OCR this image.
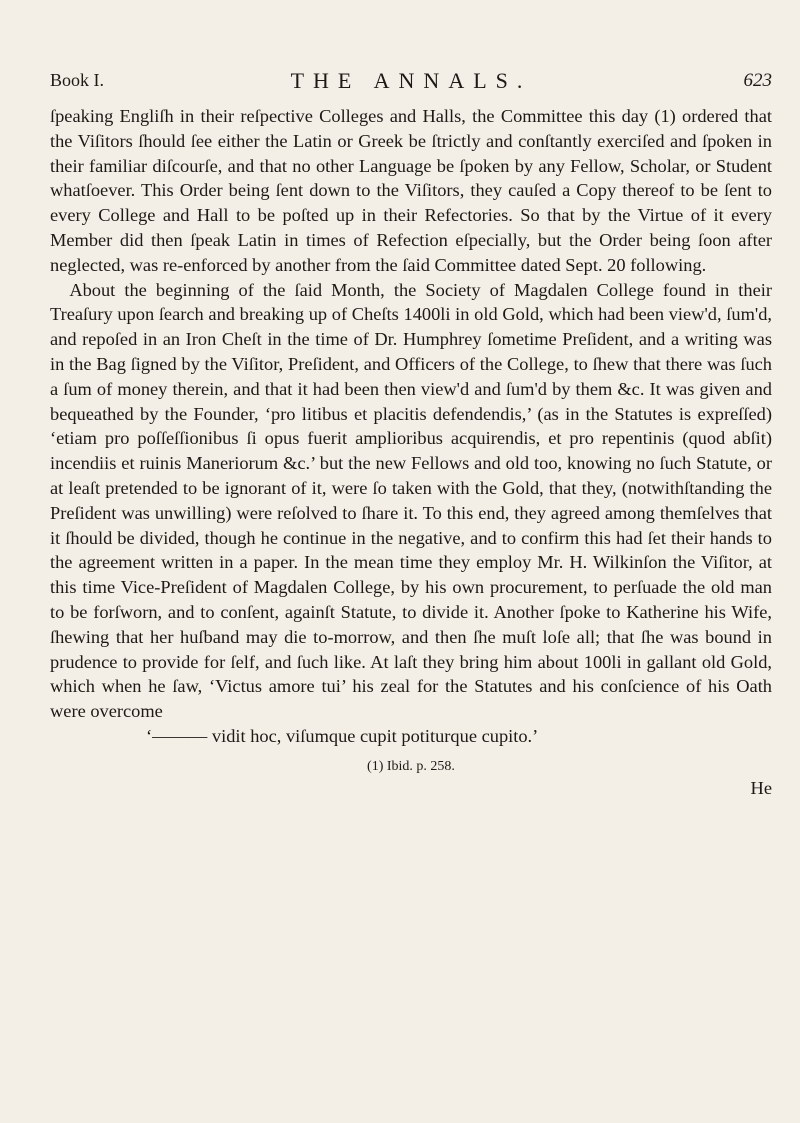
Book I.	THE ANNALS.	623

ſpeaking Engliſh in their reſpective Colleges and Halls, the Committee this day (1) ordered that the Viſitors ſhould ſee either the Latin or Greek be ſtrictly and conſtantly exerciſed and ſpoken in their familiar diſcourſe, and that no other Language be ſpoken by any Fellow, Scholar, or Student whatſoever. This Order being ſent down to the Viſitors, they cauſed a Copy thereof to be ſent to every College and Hall to be poſted up in their Refectories. So that by the Virtue of it every Member did then ſpeak Latin in times of Refection eſpecially, but the Order being ſoon after neglected, was re-enforced by another from the ſaid Committee dated Sept. 20 following.

About the beginning of the ſaid Month, the Society of Magdalen College found in their Treaſury upon ſearch and breaking up of Cheſts 1400li in old Gold, which had been view'd, ſum'd, and repoſed in an Iron Cheſt in the time of Dr. Humphrey ſometime Preſident, and a writing was in the Bag ſigned by the Viſitor, Preſident, and Officers of the College, to ſhew that there was ſuch a ſum of money therein, and that it had been then view'd and ſum'd by them &c. It was given and bequeathed by the Founder, ‘pro litibus et placitis defendendis,’ (as in the Statutes is expreſſed) ‘etiam pro poſſeſſionibus ſi opus fuerit amplioribus acquirendis, et pro repentinis (quod abſit) incendiis et ruinis Maneriorum &c.’ but the new Fellows and old too, knowing no ſuch Statute, or at leaſt pretended to be ignorant of it, were ſo taken with the Gold, that they, (notwithſtanding the Preſident was unwilling) were reſolved to ſhare it. To this end, they agreed among themſelves that it ſhould be divided, though he continue in the negative, and to confirm this had ſet their hands to the agreement written in a paper. In the mean time they employ Mr. H. Wilkinſon the Viſitor, at this time Vice-Preſident of Magdalen College, by his own procurement, to perſuade the old man to be forſworn, and to conſent, againſt Statute, to divide it. Another ſpoke to Katherine his Wife, ſhewing that her huſband may die to-morrow, and then ſhe muſt loſe all; that ſhe was bound in prudence to provide for ſelf, and ſuch like. At laſt they bring him about 100li in gallant old Gold, which when he ſaw, ‘Victus amore tui’ his zeal for the Statutes and his conſcience of his Oath were overcome

‘——— vidit hoc, viſumque cupit potiturque cupito.’

(1) Ibid. p. 258.

He
